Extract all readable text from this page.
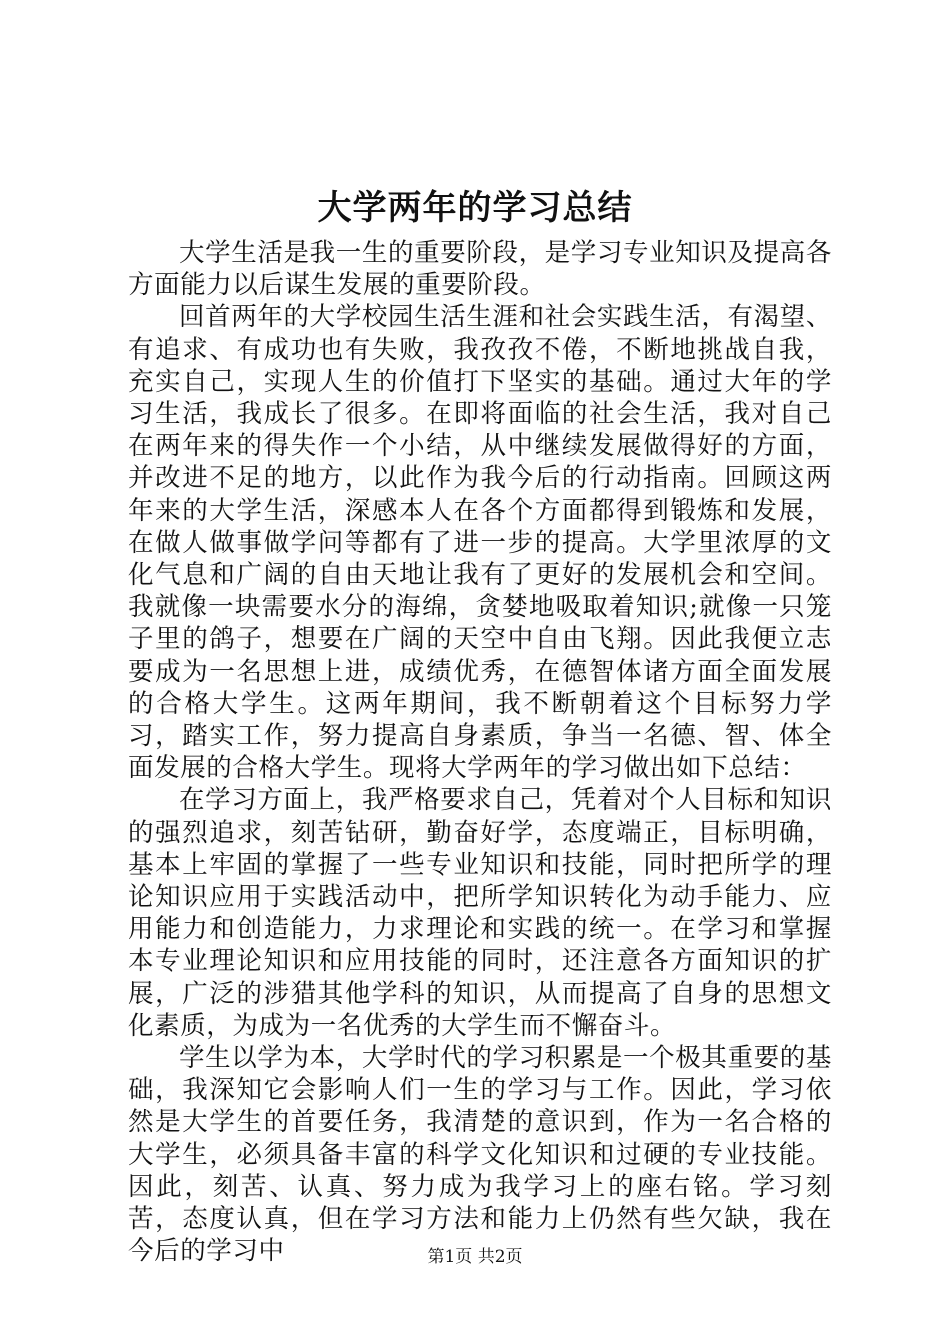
大学两年的学习总结

大学生活是我一生的重要阶段，是学习专业知识及提高各方面能力以后谋生发展的重要阶段。

回首两年的大学校园生活生涯和社会实践生活，有渴望、有追求、有成功也有失败，我孜孜不倦，不断地挑战自我，充实自己，实现人生的价值打下坚实的基础。通过大年的学习生活，我成长了很多。在即将面临的社会生活，我对自己在两年来的得失作一个小结，从中继续发展做得好的方面，并改进不足的地方，以此作为我今后的行动指南。回顾这两年来的大学生活，深感本人在各个方面都得到锻炼和发展，在做人做事做学问等都有了进一步的提高。大学里浓厚的文化气息和广阔的自由天地让我有了更好的发展机会和空间。我就像一块需要水分的海绵，贪婪地吸取着知识;就像一只笼子里的鸽子，想要在广阔的天空中自由飞翔。因此我便立志要成为一名思想上进，成绩优秀，在德智体诸方面全面发展的合格大学生。这两年期间，我不断朝着这个目标努力学习，踏实工作，努力提高自身素质，争当一名德、智、体全面发展的合格大学生。现将大学两年的学习做出如下总结：

在学习方面上，我严格要求自己，凭着对个人目标和知识的强烈追求，刻苦钻研，勤奋好学，态度端正，目标明确，基本上牢固的掌握了一些专业知识和技能，同时把所学的理论知识应用于实践活动中，把所学知识转化为动手能力、应用能力和创造能力，力求理论和实践的统一。在学习和掌握本专业理论知识和应用技能的同时，还注意各方面知识的扩展，广泛的涉猎其他学科的知识，从而提高了自身的思想文化素质，为成为一名优秀的大学生而不懈奋斗。

学生以学为本，大学时代的学习积累是一个极其重要的基础，我深知它会影响人们一生的学习与工作。因此，学习依然是大学生的首要任务，我清楚的意识到，作为一名合格的大学生，必须具备丰富的科学文化知识和过硬的专业技能。因此，刻苦、认真、努力成为我学习上的座右铭。学习刻苦，态度认真，但在学习方法和能力上仍然有些欠缺，我在今后的学习中	第1页 共2页
